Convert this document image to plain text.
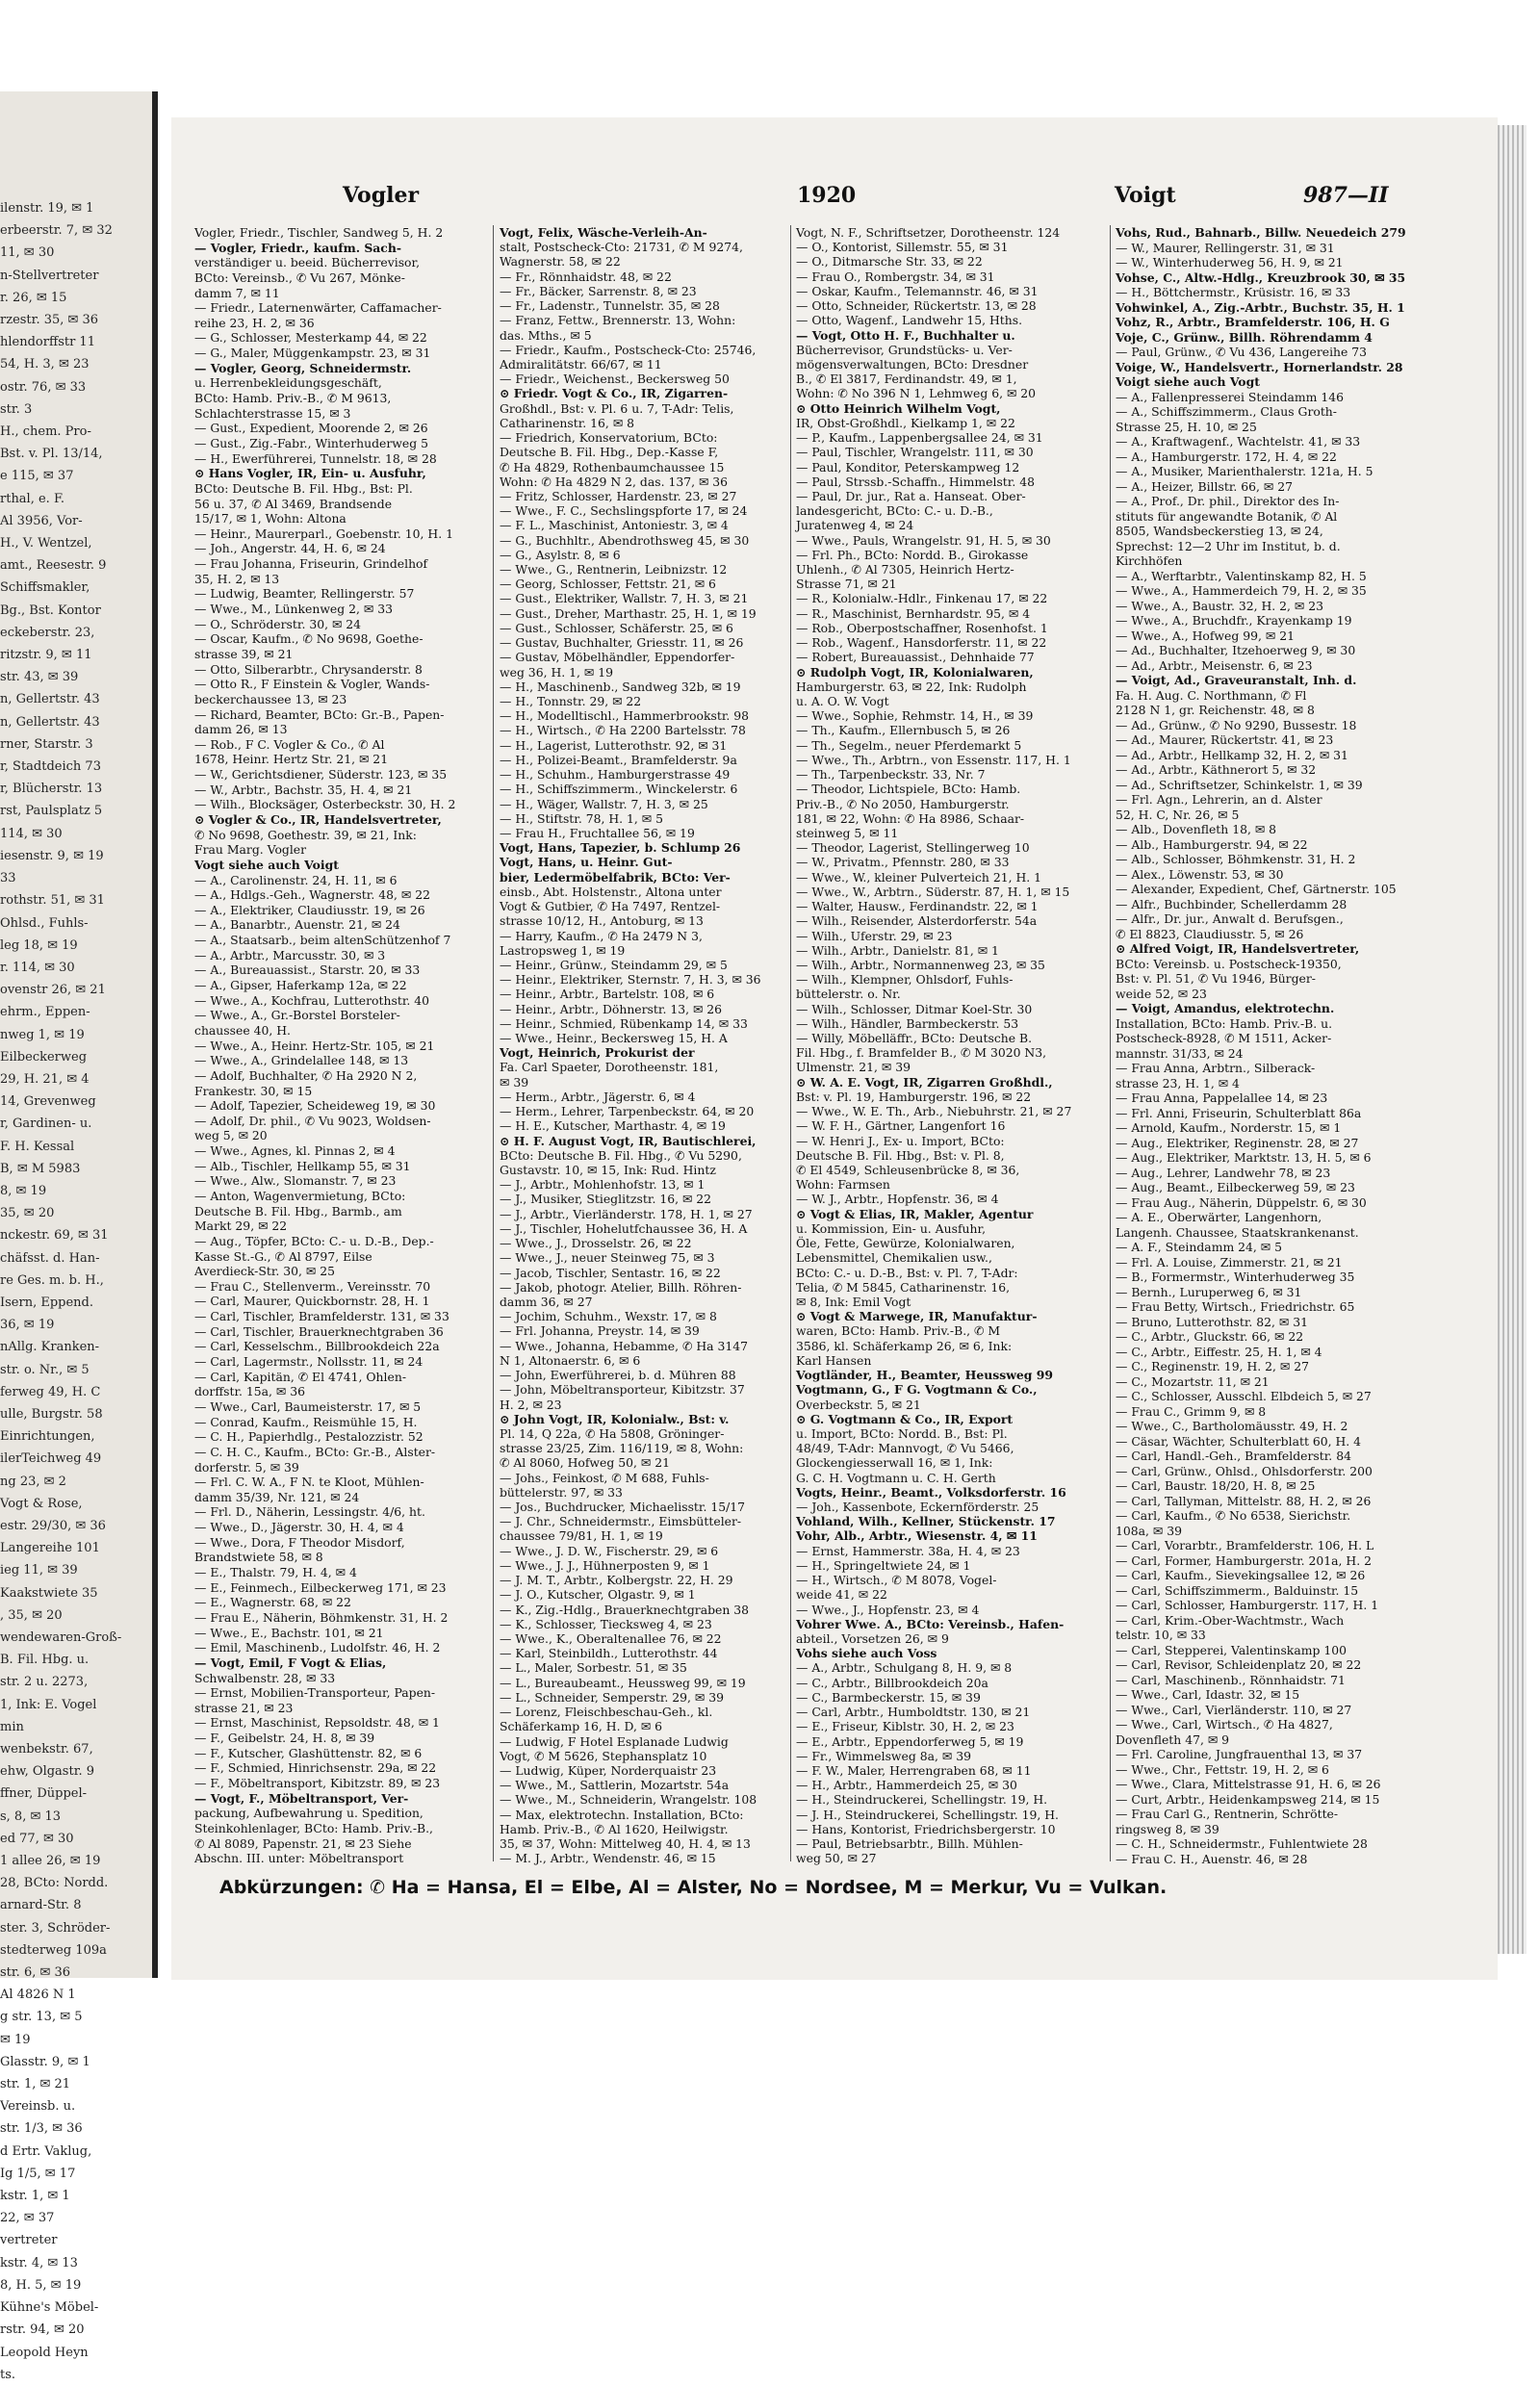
ilenstr. 19, ✉ 1
erbeerstr. 7, ✉ 32
11, ✉ 30
n-Stellvertreter
r. 26, ✉ 15
rzestr. 35, ✉ 36
hlendorffstr 11
54, H. 3, ✉ 23
ostr. 76, ✉ 33
str. 3
H., chem. Pro-
Bst. v. Pl. 13/14,
e 115, ✉ 37
rthal, e. F.
Al 3956, Vor-
H., V. Wentzel,
amt., Reesestr. 9
Schiffsmakler,
Bg., Bst. Kontor
eckeberstr. 23,
ritzstr. 9, ✉ 11
str. 43, ✉ 39
n, Gellertstr. 43
n, Gellertstr. 43
rner, Starstr. 3
r, Stadtdeich 73
r, Blücherstr. 13
rst, Paulsplatz 5
114, ✉ 30
iesenstr. 9, ✉ 19
33
rothstr. 51, ✉ 31
Ohlsd., Fuhls-
leg 18, ✉ 19
r. 114, ✉ 30
ovenstr 26, ✉ 21
ehrm., Eppen-
nweg 1, ✉ 19
Eilbeckerweg
29, H. 21, ✉ 4
14, Grevenweg
r, Gardinen- u.
F. H. Kessal
B, ✉ M 5983
8, ✉ 19
35, ✉ 20
nckestr. 69, ✉ 31
chäfsst. d. Han-
re Ges. m. b. H.,
Isern, Eppend.
36, ✉ 19
nAllg. Kranken-
str. o. Nr., ✉ 5
ferweg 49, H. C
ulle, Burgstr. 58
Einrichtungen,
ilerTeichweg 49
ng 23, ✉ 2
Vogt & Rose,
estr. 29/30, ✉ 36
Langereihe 101
ieg 11, ✉ 39
Kaakstwiete 35
, 35, ✉ 20
wendewaren-Groß-
B. Fil. Hbg. u.
str. 2 u. 2273,
1, Ink: E. Vogel
min
wenbekstr. 67,
ehw, Olgastr. 9
ffner, Düppel-
s, 8, ✉ 13
ed 77, ✉ 30
1 allee 26, ✉ 19
28, BCto: Nordd.
arnard-Str. 8
ster. 3, Schröder-
stedterweg 109a
str. 6, ✉ 36
Al 4826 N 1
g str. 13, ✉ 5
✉ 19
Glasstr. 9, ✉ 1
str. 1, ✉ 21
Vereinsb. u.
str. 1/3, ✉ 36
d Ertr. Vaklug,
Ig 1/5, ✉ 17
kstr. 1, ✉ 1
22, ✉ 37
vertreter
kstr. 4, ✉ 13
8, H. 5, ✉ 19
Kühne's Möbel-
rstr. 94, ✉ 20
Leopold Heyn
ts.
Vogler	1920	Voigt	987—II
Vogler, Friedr., Tischler, Sandweg 5, H. 2
— Vogler, Friedr., kaufm. Sach-
verständiger u. beeid. Bücherrevisor,
BCto: Vereinsb., ✆ Vu 267, Mönke-
damm 7, ✉ 11
— Friedr., Laternenwärter, Caffamacher-
reihe 23, H. 2, ✉ 36
— G., Schlosser, Mesterkamp 44, ✉ 22
— G., Maler, Müggenkampstr. 23, ✉ 31
— Vogler, Georg, Schneidermstr.
u. Herrenbekleidungsgeschäft,
BCto: Hamb. Priv.-B., ✆ M 9613,
Schlachterstrasse 15, ✉ 3
— Gust., Expedient, Moorende 2, ✉ 26
— Gust., Zig.-Fabr., Winterhuderweg 5
— H., Ewerführerei, Tunnelstr. 18, ✉ 28
⊙ Hans Vogler, IR, Ein- u. Ausfuhr,
BCto: Deutsche B. Fil. Hbg., Bst: Pl.
56 u. 37, ✆ Al 3469, Brandsende
15/17, ✉ 1, Wohn: Altona
— Heinr., Maurerparl., Goebenstr. 10, H. 1
— Joh., Angerstr. 44, H. 6, ✉ 24
— Frau Johanna, Friseurin, Grindelhof
35, H. 2, ✉ 13
— Ludwig, Beamter, Rellingerstr. 57
— Wwe., M., Lünkenweg 2, ✉ 33
— O., Schröderstr. 30, ✉ 24
— Oscar, Kaufm., ✆ No 9698, Goethe-
strasse 39, ✉ 21
— Otto, Silberarbtr., Chrysanderstr. 8
— Otto R., F Einstein & Vogler, Wands-
beckerchaussee 13, ✉ 23
— Richard, Beamter, BCto: Gr.-B., Papen-
damm 26, ✉ 13
— Rob., F C. Vogler & Co., ✆ Al
1678, Heinr. Hertz Str. 21, ✉ 21
— W., Gerichtsdiener, Süderstr. 123, ✉ 35
— W., Arbtr., Bachstr. 35, H. 4, ✉ 21
— Wilh., Blocksäger, Osterbeckstr. 30, H. 2
⊙ Vogler & Co., IR, Handelsvertreter,
✆ No 9698, Goethestr. 39, ✉ 21, Ink:
Frau Marg. Vogler
Vogt siehe auch Voigt
— A., Carolinenstr. 24, H. 11, ✉ 6
— A., Hdlgs.-Geh., Wagnerstr. 48, ✉ 22
— A., Elektriker, Claudiusstr. 19, ✉ 26
— A., Banarbtr., Auenstr. 21, ✉ 24
— A., Staatsarb., beim altenSchützenhof 7
— A., Arbtr., Marcusstr. 30, ✉ 3
— A., Bureauassist., Starstr. 20, ✉ 33
— A., Gipser, Haferkamp 12a, ✉ 22
— Wwe., A., Kochfrau, Lutterothstr. 40
— Wwe., A., Gr.-Borstel Borsteler-
chaussee 40, H.
— Wwe., A., Heinr. Hertz-Str. 105, ✉ 21
— Wwe., A., Grindelallee 148, ✉ 13
— Adolf, Buchhalter, ✆ Ha 2920 N 2,
Frankestr. 30, ✉ 15
— Adolf, Tapezier, Scheideweg 19, ✉ 30
— Adolf, Dr. phil., ✆ Vu 9023, Woldsen-
weg 5, ✉ 20
— Wwe., Agnes, kl. Pinnas 2, ✉ 4
— Alb., Tischler, Hellkamp 55, ✉ 31
— Wwe., Alw., Slomanstr. 7, ✉ 23
— Anton, Wagenvermietung, BCto:
Deutsche B. Fil. Hbg., Barmb., am
Markt 29, ✉ 22
— Aug., Töpfer, BCto: C.- u. D.-B., Dep.-
Kasse St.-G., ✆ Al 8797, Eilse
Averdieck-Str. 30, ✉ 25
— Frau C., Stellenverm., Vereinsstr. 70
— Carl, Maurer, Quickbornstr. 28, H. 1
— Carl, Tischler, Bramfelderstr. 131, ✉ 33
— Carl, Tischler, Brauerknechtgraben 36
— Carl, Kesselschm., Billbrookdeich 22a
— Carl, Lagermstr., Nollsstr. 11, ✉ 24
— Carl, Kapitän, ✆ El 4741, Ohlen-
dorffstr. 15a, ✉ 36
— Wwe., Carl, Baumeisterstr. 17, ✉ 5
— Conrad, Kaufm., Reismühle 15, H.
— C. H., Papierhdlg., Pestalozzistr. 52
— C. H. C., Kaufm., BCto: Gr.-B., Alster-
dorferstr. 5, ✉ 39
— Frl. C. W. A., F N. te Kloot, Mühlen-
damm 35/39, Nr. 121, ✉ 24
— Frl. D., Näherin, Lessingstr. 4/6, ht.
— Wwe., D., Jägerstr. 30, H. 4, ✉ 4
— Wwe., Dora, F Theodor Misdorf,
Brandstwiete 58, ✉ 8
— E., Thalstr. 79, H. 4, ✉ 4
— E., Feinmech., Eilbeckerweg 171, ✉ 23
— E., Wagnerstr. 68, ✉ 22
— Frau E., Näherin, Böhmkenstr. 31, H. 2
— Wwe., E., Bachstr. 101, ✉ 21
— Emil, Maschinenb., Ludolfstr. 46, H. 2
— Vogt, Emil, F Vogt & Elias,
Schwalbenstr. 28, ✉ 33
— Ernst, Mobilien-Transporteur, Papen-
strasse 21, ✉ 23
— Ernst, Maschinist, Repsoldstr. 48, ✉ 1
— F., Geibelstr. 24, H. 8, ✉ 39
— F., Kutscher, Glashüttenstr. 82, ✉ 6
— F., Schmied, Hinrichsenstr. 29a, ✉ 22
— F., Möbeltransport, Kibitzstr. 89, ✉ 23
— Vogt, F., Möbeltransport, Ver-
packung, Aufbewahrung u. Spedition,
Steinkohlenlager, BCto: Hamb. Priv.-B.,
✆ Al 8089, Papenstr. 21, ✉ 23 Siehe
Abschn. III. unter: Möbeltransport
Vogt, Felix, Wäsche-Verleih-An-
stalt, Postscheck-Cto: 21731, ✆ M 9274,
Wagnerstr. 58, ✉ 22
— Fr., Rönnhaidstr. 48, ✉ 22
— Fr., Bäcker, Sarrenstr. 8, ✉ 23
— Fr., Ladenstr., Tunnelstr. 35, ✉ 28
— Franz, Fettw., Brennerstr. 13, Wohn:
das. Mths., ✉ 5
— Friedr., Kaufm., Postscheck-Cto: 25746,
Admiralitätstr. 66/67, ✉ 11
— Friedr., Weichenst., Beckersweg 50
⊙ Friedr. Vogt & Co., IR, Zigarren-
Großhdl., Bst: v. Pl. 6 u. 7, T-Adr: Telis,
Catharinenstr. 16, ✉ 8
— Friedrich, Konservatorium, BCto:
Deutsche B. Fil. Hbg., Dep.-Kasse F,
✆ Ha 4829, Rothenbaumchaussee 15
Wohn: ✆ Ha 4829 N 2, das. 137, ✉ 36
— Fritz, Schlosser, Hardenstr. 23, ✉ 27
— Wwe., F. C., Sechslingspforte 17, ✉ 24
— F. L., Maschinist, Antoniestr. 3, ✉ 4
— G., Buchhltr., Abendrothsweg 45, ✉ 30
— G., Asylstr. 8, ✉ 6
— Wwe., G., Rentnerin, Leibnizstr. 12
— Georg, Schlosser, Fettstr. 21, ✉ 6
— Gust., Elektriker, Wallstr. 7, H. 3, ✉ 21
— Gust., Dreher, Marthastr. 25, H. 1, ✉ 19
— Gust., Schlosser, Schäferstr. 25, ✉ 6
— Gustav, Buchhalter, Griesstr. 11, ✉ 26
— Gustav, Möbelhändler, Eppendorfer-
weg 36, H. 1, ✉ 19
— H., Maschinenb., Sandweg 32b, ✉ 19
— H., Tonnstr. 29, ✉ 22
— H., Modelltischl., Hammerbrookstr. 98
— H., Wirtsch., ✆ Ha 2200 Bartelsstr. 78
— H., Lagerist, Lutterothstr. 92, ✉ 31
— H., Polizei-Beamt., Bramfelderstr. 9a
— H., Schuhm., Hamburgerstrasse 49
— H., Schiffszimmerm., Winckelerstr. 6
— H., Wäger, Wallstr. 7, H. 3, ✉ 25
— H., Stiftstr. 78, H. 1, ✉ 5
— Frau H., Fruchtallee 56, ✉ 19
Vogt, Hans, Tapezier, b. Schlump 26
Vogt, Hans, u. Heinr. Gut-
bier, Ledermöbelfabrik, BCto: Ver-
einsb., Abt. Holstenstr., Altona unter
Vogt & Gutbier, ✆ Ha 7497, Rentzel-
strasse 10/12, H., Antoburg, ✉ 13
— Harry, Kaufm., ✆ Ha 2479 N 3,
Lastropsweg 1, ✉ 19
— Heinr., Grünw., Steindamm 29, ✉ 5
— Heinr., Elektriker, Sternstr. 7, H. 3, ✉ 36
— Heinr., Arbtr., Bartelstr. 108, ✉ 6
— Heinr., Arbtr., Döhnerstr. 13, ✉ 26
— Heinr., Schmied, Rübenkamp 14, ✉ 33
— Wwe., Heinr., Beckersweg 15, H. A
Vogt, Heinrich, Prokurist der
Fa. Carl Spaeter, Dorotheenstr. 181,
✉ 39
— Herm., Arbtr., Jägerstr. 6, ✉ 4
— Herm., Lehrer, Tarpenbeckstr. 64, ✉ 20
— H. E., Kutscher, Marthastr. 4, ✉ 19
⊙ H. F. August Vogt, IR, Bautischlerei,
BCto: Deutsche B. Fil. Hbg., ✆ Vu 5290,
Gustavstr. 10, ✉ 15, Ink: Rud. Hintz
— J., Arbtr., Mohlenhofstr. 13, ✉ 1
— J., Musiker, Stieglitzstr. 16, ✉ 22
— J., Arbtr., Vierländerstr. 178, H. 1, ✉ 27
— J., Tischler, Hohelutfchaussee 36, H. A
— Wwe., J., Drosselstr. 26, ✉ 22
— Wwe., J., neuer Steinweg 75, ✉ 3
— Jacob, Tischler, Sentastr. 16, ✉ 22
— Jakob, photogr. Atelier, Billh. Röhren-
damm 36, ✉ 27
— Jochim, Schuhm., Wexstr. 17, ✉ 8
— Frl. Johanna, Preystr. 14, ✉ 39
— Wwe., Johanna, Hebamme, ✆ Ha 3147
N 1, Altonaerstr. 6, ✉ 6
— John, Ewerführerei, b. d. Mühren 88
— John, Möbeltransporteur, Kibitzstr. 37
H. 2, ✉ 23
⊙ John Vogt, IR, Kolonialw., Bst: v.
Pl. 14, Q 22a, ✆ Ha 5808, Gröninger-
strasse 23/25, Zim. 116/119, ✉ 8, Wohn:
✆ Al 8060, Hofweg 50, ✉ 21
— Johs., Feinkost, ✆ M 688, Fuhls-
büttelerstr. 97, ✉ 33
— Jos., Buchdrucker, Michaelisstr. 15/17
— J. Chr., Schneidermstr., Eimsbütteler-
chaussee 79/81, H. 1, ✉ 19
— Wwe., J. D. W., Fischerstr. 29, ✉ 6
— Wwe., J. J., Hühnerposten 9, ✉ 1
— J. M. T., Arbtr., Kolbergstr. 22, H. 29
— J. O., Kutscher, Olgastr. 9, ✉ 1
— K., Zig.-Hdlg., Brauerknechtgraben 38
— K., Schlosser, Tiecksweg 4, ✉ 23
— Wwe., K., Oberaltenallee 76, ✉ 22
— Karl, Steinbildh., Lutterothstr. 44
— L., Maler, Sorbestr. 51, ✉ 35
— L., Bureaubeamt., Heussweg 99, ✉ 19
— L., Schneider, Semperstr. 29, ✉ 39
— Lorenz, Fleischbeschau-Geh., kl.
Schäferkamp 16, H. D, ✉ 6
— Ludwig, F Hotel Esplanade Ludwig
Vogt, ✆ M 5626, Stephansplatz 10
— Ludwig, Küper, Norderquaistr 23
— Wwe., M., Sattlerin, Mozartstr. 54a
— Wwe., M., Schneiderin, Wrangelstr. 108
— Max, elektrotechn. Installation, BCto:
Hamb. Priv.-B., ✆ Al 1620, Heilwigstr.
35, ✉ 37, Wohn: Mittelweg 40, H. 4, ✉ 13
— M. J., Arbtr., Wendenstr. 46, ✉ 15
Vogt, N. F., Schriftsetzer, Dorotheenstr. 124
— O., Kontorist, Sillemstr. 55, ✉ 31
— O., Ditmarsche Str. 33, ✉ 22
— Frau O., Rombergstr. 34, ✉ 31
— Oskar, Kaufm., Telemannstr. 46, ✉ 31
— Otto, Schneider, Rückertstr. 13, ✉ 28
— Otto, Wagenf., Landwehr 15, Hths.
— Vogt, Otto H. F., Buchhalter u.
Bücherrevisor, Grundstücks- u. Ver-
mögensverwaltungen, BCto: Dresdner
B., ✆ El 3817, Ferdinandstr. 49, ✉ 1,
Wohn: ✆ No 396 N 1, Lehmweg 6, ✉ 20
⊙ Otto Heinrich Wilhelm Vogt,
IR, Obst-Großhdl., Kielkamp 1, ✉ 22
— P., Kaufm., Lappenbergsallee 24, ✉ 31
— Paul, Tischler, Wrangelstr. 111, ✉ 30
— Paul, Konditor, Peterskampweg 12
— Paul, Strssb.-Schaffn., Himmelstr. 48
— Paul, Dr. jur., Rat a. Hanseat. Ober-
landesgericht, BCto: C.- u. D.-B.,
Juratenweg 4, ✉ 24
— Wwe., Pauls, Wrangelstr. 91, H. 5, ✉ 30
— Frl. Ph., BCto: Nordd. B., Girokasse
Uhlenh., ✆ Al 7305, Heinrich Hertz-
Strasse 71, ✉ 21
— R., Kolonialw.-Hdlr., Finkenau 17, ✉ 22
— R., Maschinist, Bernhardstr. 95, ✉ 4
— Rob., Oberpostschaffner, Rosenhofst. 1
— Rob., Wagenf., Hansdorferstr. 11, ✉ 22
— Robert, Bureauassist., Dehnhaide 77
⊙ Rudolph Vogt, IR, Kolonialwaren,
Hamburgerstr. 63, ✉ 22, Ink: Rudolph
u. A. O. W. Vogt
— Wwe., Sophie, Rehmstr. 14, H., ✉ 39
— Th., Kaufm., Ellernbusch 5, ✉ 26
— Th., Segelm., neuer Pferdemarkt 5
— Wwe., Th., Arbtrn., von Essenstr. 117, H. 1
— Th., Tarpenbeckstr. 33, Nr. 7
— Theodor, Lichtspiele, BCto: Hamb.
Priv.-B., ✆ No 2050, Hamburgerstr.
181, ✉ 22, Wohn: ✆ Ha 8986, Schaar-
steinweg 5, ✉ 11
— Theodor, Lagerist, Stellingerweg 10
— W., Privatm., Pfennstr. 280, ✉ 33
— Wwe., W., kleiner Pulverteich 21, H. 1
— Wwe., W., Arbtrn., Süderstr. 87, H. 1, ✉ 15
— Walter, Hausw., Ferdinandstr. 22, ✉ 1
— Wilh., Reisender, Alsterdorferstr. 54a
— Wilh., Uferstr. 29, ✉ 23
— Wilh., Arbtr., Danielstr. 81, ✉ 1
— Wilh., Arbtr., Normannenweg 23, ✉ 35
— Wilh., Klempner, Ohlsdorf, Fuhls-
büttelerstr. o. Nr.
— Wilh., Schlosser, Ditmar Koel-Str. 30
— Wilh., Händler, Barmbeckerstr. 53
— Willy, Möbelläffr., BCto: Deutsche B.
Fil. Hbg., f. Bramfelder B., ✆ M 3020 N3,
Ulmenstr. 21, ✉ 39
⊙ W. A. E. Vogt, IR, Zigarren Großhdl.,
Bst: v. Pl. 19, Hamburgerstr. 196, ✉ 22
— Wwe., W. E. Th., Arb., Niebuhrstr. 21, ✉ 27
— W. F. H., Gärtner, Langenfort 16
— W. Henri J., Ex- u. Import, BCto:
Deutsche B. Fil. Hbg., Bst: v. Pl. 8,
✆ El 4549, Schleusenbrücke 8, ✉ 36,
Wohn: Farmsen
— W. J., Arbtr., Hopfenstr. 36, ✉ 4
⊙ Vogt & Elias, IR, Makler, Agentur
u. Kommission, Ein- u. Ausfuhr,
Öle, Fette, Gewürze, Kolonialwaren,
Lebensmittel, Chemikalien usw.,
BCto: C.- u. D.-B., Bst: v. Pl. 7, T-Adr:
Telia, ✆ M 5845, Catharinenstr. 16,
✉ 8, Ink: Emil Vogt
⊙ Vogt & Marwege, IR, Manufaktur-
waren, BCto: Hamb. Priv.-B., ✆ M
3586, kl. Schäferkamp 26, ✉ 6, Ink:
Karl Hansen
Vogtländer, H., Beamter, Heussweg 99
Vogtmann, G., F G. Vogtmann & Co.,
Overbeckstr. 5, ✉ 21
⊙ G. Vogtmann & Co., IR, Export
u. Import, BCto: Nordd. B., Bst: Pl.
48/49, T-Adr: Mannvogt, ✆ Vu 5466,
Glockengiesserwall 16, ✉ 1, Ink:
G. C. H. Vogtmann u. C. H. Gerth
Vogts, Heinr., Beamt., Volksdorferstr. 16
— Joh., Kassenbote, Eckernförderstr. 25
Vohland, Wilh., Kellner, Stückenstr. 17
Vohr, Alb., Arbtr., Wiesenstr. 4, ✉ 11
— Ernst, Hammerstr. 38a, H. 4, ✉ 23
— H., Springeltwiete 24, ✉ 1
— H., Wirtsch., ✆ M 8078, Vogel-
weide 41, ✉ 22
— Wwe., J., Hopfenstr. 23, ✉ 4
Vohrer Wwe. A., BCto: Vereinsb., Hafen-
abteil., Vorsetzen 26, ✉ 9
Vohs siehe auch Voss
— A., Arbtr., Schulgang 8, H. 9, ✉ 8
— C., Arbtr., Billbrookdeich 20a
— C., Barmbeckerstr. 15, ✉ 39
— Carl, Arbtr., Humboldtstr. 130, ✉ 21
— E., Friseur, Kiblstr. 30, H. 2, ✉ 23
— E., Arbtr., Eppendorferweg 5, ✉ 19
— Fr., Wimmelsweg 8a, ✉ 39
— F. W., Maler, Herrengraben 68, ✉ 11
— H., Arbtr., Hammerdeich 25, ✉ 30
— H., Steindruckerei, Schellingstr. 19, H.
— J. H., Steindruckerei, Schellingstr. 19, H.
— Hans, Kontorist, Friedrichsbergerstr. 10
— Paul, Betriebsarbtr., Billh. Mühlen-
weg 50, ✉ 27
Vohs, Rud., Bahnarb., Billw. Neuedeich 279
— W., Maurer, Rellingerstr. 31, ✉ 31
— W., Winterhuderweg 56, H. 9, ✉ 21
Vohse, C., Altw.-Hdlg., Kreuzbrook 30, ✉ 35
— H., Böttchermstr., Krüsistr. 16, ✉ 33
Vohwinkel, A., Zig.-Arbtr., Buchstr. 35, H. 1
Vohz, R., Arbtr., Bramfelderstr. 106, H. G
Voje, C., Grünw., Billh. Röhrendamm 4
— Paul, Grünw., ✆ Vu 436, Langereihe 73
Voige, W., Handelsvertr., Hornerlandstr. 28
Voigt siehe auch Vogt
— A., Fallenpresserei Steindamm 146
— A., Schiffszimmerm., Claus Groth-
Strasse 25, H. 10, ✉ 25
— A., Kraftwagenf., Wachtelstr. 41, ✉ 33
— A., Hamburgerstr. 172, H. 4, ✉ 22
— A., Musiker, Marienthalerstr. 121a, H. 5
— A., Heizer, Billstr. 66, ✉ 27
— A., Prof., Dr. phil., Direktor des In-
stituts für angewandte Botanik, ✆ Al
8505, Wandsbeckerstieg 13, ✉ 24,
Sprechst: 12—2 Uhr im Institut, b. d.
Kirchhöfen
— A., Werftarbtr., Valentinskamp 82, H. 5
— Wwe., A., Hammerdeich 79, H. 2, ✉ 35
— Wwe., A., Baustr. 32, H. 2, ✉ 23
— Wwe., A., Bruchdfr., Krayenkamp 19
— Wwe., A., Hofweg 99, ✉ 21
— Ad., Buchhalter, Itzehoerweg 9, ✉ 30
— Ad., Arbtr., Meisenstr. 6, ✉ 23
— Voigt, Ad., Graveuranstalt, Inh. d.
Fa. H. Aug. C. Northmann, ✆ Fl
2128 N 1, gr. Reichenstr. 48, ✉ 8
— Ad., Grünw., ✆ No 9290, Bussestr. 18
— Ad., Maurer, Rückertstr. 41, ✉ 23
— Ad., Arbtr., Hellkamp 32, H. 2, ✉ 31
— Ad., Arbtr., Käthnerort 5, ✉ 32
— Ad., Schriftsetzer, Schinkelstr. 1, ✉ 39
— Frl. Agn., Lehrerin, an d. Alster
52, H. C, Nr. 26, ✉ 5
— Alb., Dovenfleth 18, ✉ 8
— Alb., Hamburgerstr. 94, ✉ 22
— Alb., Schlosser, Böhmkenstr. 31, H. 2
— Alex., Löwenstr. 53, ✉ 30
— Alexander, Expedient, Chef, Gärtnerstr. 105
— Alfr., Buchbinder, Schellerdamm 28
— Alfr., Dr. jur., Anwalt d. Berufsgen.,
✆ El 8823, Claudiusstr. 5, ✉ 26
⊙ Alfred Voigt, IR, Handelsvertreter,
BCto: Vereinsb. u. Postscheck-19350,
Bst: v. Pl. 51, ✆ Vu 1946, Bürger-
weide 52, ✉ 23
— Voigt, Amandus, elektrotechn.
Installation, BCto: Hamb. Priv.-B. u.
Postscheck-8928, ✆ M 1511, Acker-
mannstr. 31/33, ✉ 24
— Frau Anna, Arbtrn., Silberack-
strasse 23, H. 1, ✉ 4
— Frau Anna, Pappelallee 14, ✉ 23
— Frl. Anni, Friseurin, Schulterblatt 86a
— Arnold, Kaufm., Norderstr. 15, ✉ 1
— Aug., Elektriker, Reginenstr. 28, ✉ 27
— Aug., Elektriker, Marktstr. 13, H. 5, ✉ 6
— Aug., Lehrer, Landwehr 78, ✉ 23
— Aug., Beamt., Eilbeckerweg 59, ✉ 23
— Frau Aug., Näherin, Düppelstr. 6, ✉ 30
— A. E., Oberwärter, Langenhorn,
Langenh. Chaussee, Staatskrankenanst.
— A. F., Steindamm 24, ✉ 5
— Frl. A. Louise, Zimmerstr. 21, ✉ 21
— B., Formermstr., Winterhuderweg 35
— Bernh., Luruperweg 6, ✉ 31
— Frau Betty, Wirtsch., Friedrichstr. 65
— Bruno, Lutterothstr. 82, ✉ 31
— C., Arbtr., Gluckstr. 66, ✉ 22
— C., Arbtr., Eiffestr. 25, H. 1, ✉ 4
— C., Reginenstr. 19, H. 2, ✉ 27
— C., Mozartstr. 11, ✉ 21
— C., Schlosser, Ausschl. Elbdeich 5, ✉ 27
— Frau C., Grimm 9, ✉ 8
— Wwe., C., Bartholomäusstr. 49, H. 2
— Cäsar, Wächter, Schulterblatt 60, H. 4
— Carl, Handl.-Geh., Bramfelderstr. 84
— Carl, Grünw., Ohlsd., Ohlsdorferstr. 200
— Carl, Baustr. 18/20, H. 8, ✉ 25
— Carl, Tallyman, Mittelstr. 88, H. 2, ✉ 26
— Carl, Kaufm., ✆ No 6538, Sierichstr.
108a, ✉ 39
— Carl, Vorarbtr., Bramfelderstr. 106, H. L
— Carl, Former, Hamburgerstr. 201a, H. 2
— Carl, Kaufm., Sievekingsallee 12, ✉ 26
— Carl, Schiffszimmerm., Balduinstr. 15
— Carl, Schlosser, Hamburgerstr. 117, H. 1
— Carl, Krim.-Ober-Wachtmstr., Wach
telstr. 10, ✉ 33
— Carl, Stepperei, Valentinskamp 100
— Carl, Revisor, Schleidenplatz 20, ✉ 22
— Carl, Maschinenb., Rönnhaidstr. 71
— Wwe., Carl, Idastr. 32, ✉ 15
— Wwe., Carl, Vierländerstr. 110, ✉ 27
— Wwe., Carl, Wirtsch., ✆ Ha 4827,
Dovenfleth 47, ✉ 9
— Frl. Caroline, Jungfrauenthal 13, ✉ 37
— Wwe., Chr., Fettstr. 19, H. 2, ✉ 6
— Wwe., Clara, Mittelstrasse 91, H. 6, ✉ 26
— Curt, Arbtr., Heidenkampsweg 214, ✉ 15
— Frau Carl G., Rentnerin, Schrötte-
ringsweg 8, ✉ 39
— C. H., Schneidermstr., Fuhlentwiete 28
— Frau C. H., Auenstr. 46, ✉ 28
Abkürzungen: ✆ Ha = Hansa, El = Elbe, Al = Alster, No = Nordsee, M = Merkur, Vu = Vulkan.
